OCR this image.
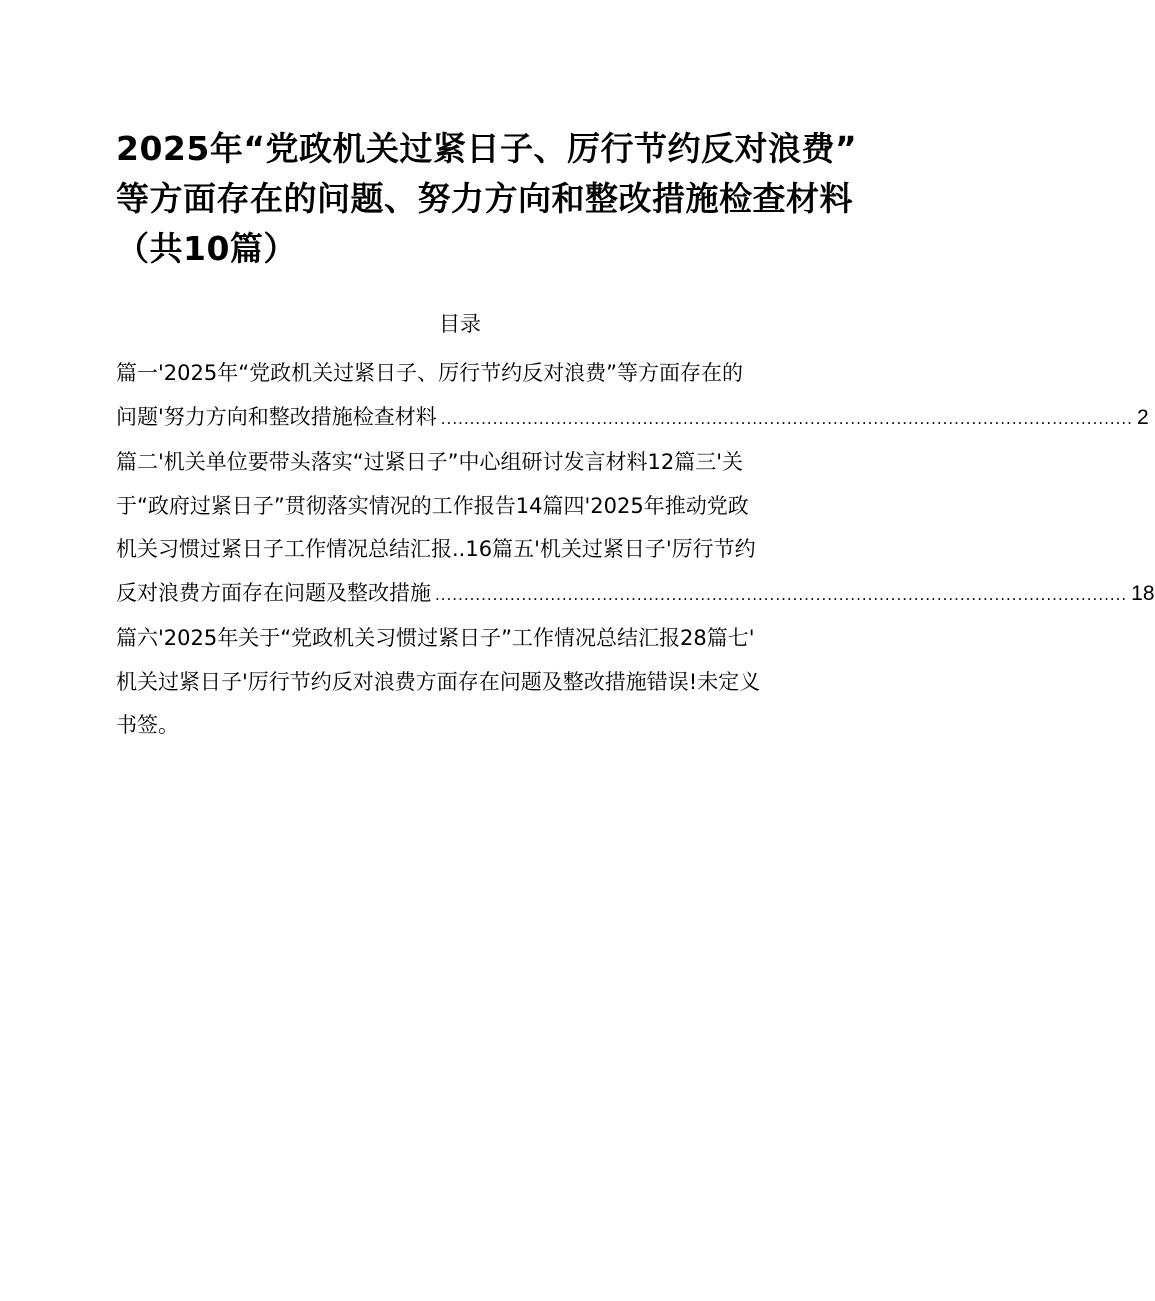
2025年“党政机关过紧日子、厉行节约反对浪费”
等方面存在的问题、努力方向和整改措施检查材料
（共10篇）
目录
篇一'2025年“党政机关过紧日子、厉行节约反对浪费”等方面存在的
问题'努力方向和整改措施检查材料 ........................................................................................................................ 2
篇二'机关单位要带头落实“过紧日子”中心组研讨发言材料12篇三'关
于“政府过紧日子”贯彻落实情况的工作报告14篇四'2025年推动党政
机关习惯过紧日子工作情况总结汇报..16篇五'机关过紧日子'厉行节约
反对浪费方面存在问题及整改措施 ........................................................................................................................ 18
篇六'2025年关于“党政机关习惯过紧日子”工作情况总结汇报28篇七'
机关过紧日子'厉行节约反对浪费方面存在问题及整改措施错误!未定义
书签。
